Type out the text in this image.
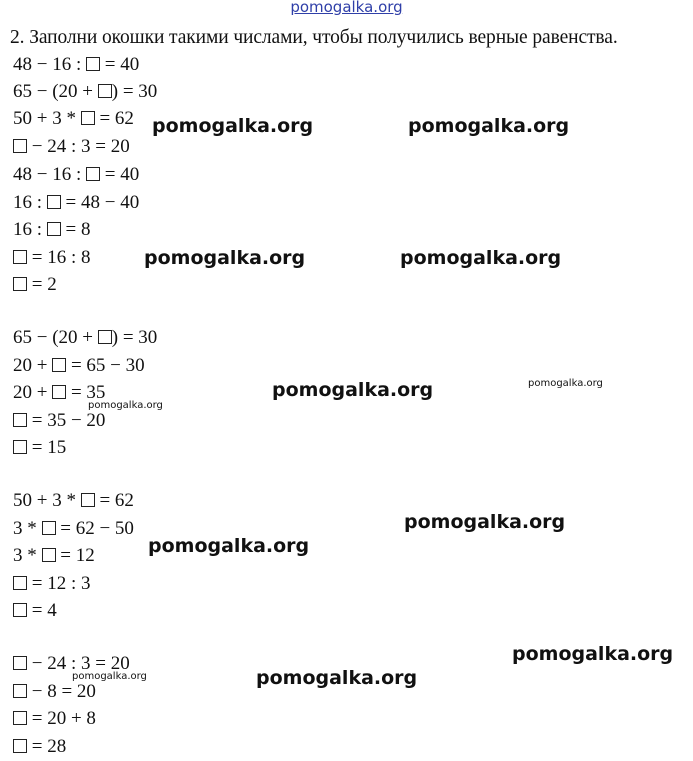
pomogalka.org
2. Заполни окошки такими числами, чтобы получились верные равенства.
48 − 16 :  = 40
65 − (20 + ) = 30
50 + 3 *  = 62
− 24 : 3 = 20
48 − 16 :  = 40
16 :  = 48 − 40
16 :  = 8
= 16 : 8
= 2
65 − (20 + ) = 30
20 +  = 65 − 30
20 +  = 35
= 35 − 20
= 15
50 + 3 *  = 62
3 *  = 62 − 50
3 *  = 12
= 12 : 3
= 4
− 24 : 3 = 20
− 8 = 20
= 20 + 8
= 28
pomogalka.org	pomogalka.org
pomogalka.org	pomogalka.org
pomogalka.org	pomogalka.org
pomogalka.org
pomogalka.org
pomogalka.org
pomogalka.org
pomogalka.org
pomogalka.org
